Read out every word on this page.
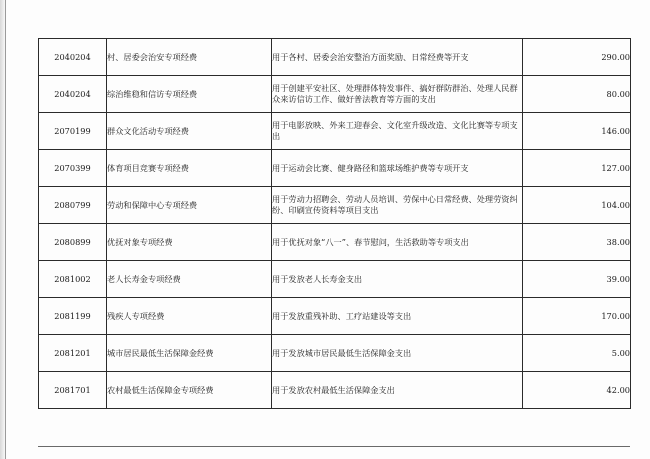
2040204	村、居委会治安专项经费	用于各村、居委会治安整治方面奖励、日常经费等开支	290.00
2040204	综治维稳和信访专项经费	用于创建平安社区、处理群体特发事件、搞好群防群治、处理人民群众来访信访工作、做好普法教育等方面的支出	80.00
2070199	群众文化活动专项经费	用于电影放映、外来工迎春会、文化室升级改造、文化比赛等专项支出	146.00
2070399	体育项目竞赛专项经费	用于运动会比赛、健身路径和篮球场维护费等专项开支	127.00
2080799	劳动和保障中心专项经费	用于劳动力招聘会、劳动人员培训、劳保中心日常经费、处理劳资纠纷、印刷宣传资料等项目支出	104.00
2080899	优抚对象专项经费	用于优抚对象“八一”、春节慰问，生活救助等专项支出	38.00
2081002	老人长寿金专项经费	用于发放老人长寿金支出	39.00
2081199	残疾人专项经费	用于发放重残补助、工疗站建设等支出	170.00
2081201	城市居民最低生活保障金经费	用于发放城市居民最低生活保障金支出	5.00
2081701	农村最低生活保障金专项经费	用于发放农村最低生活保障金支出	42.00
